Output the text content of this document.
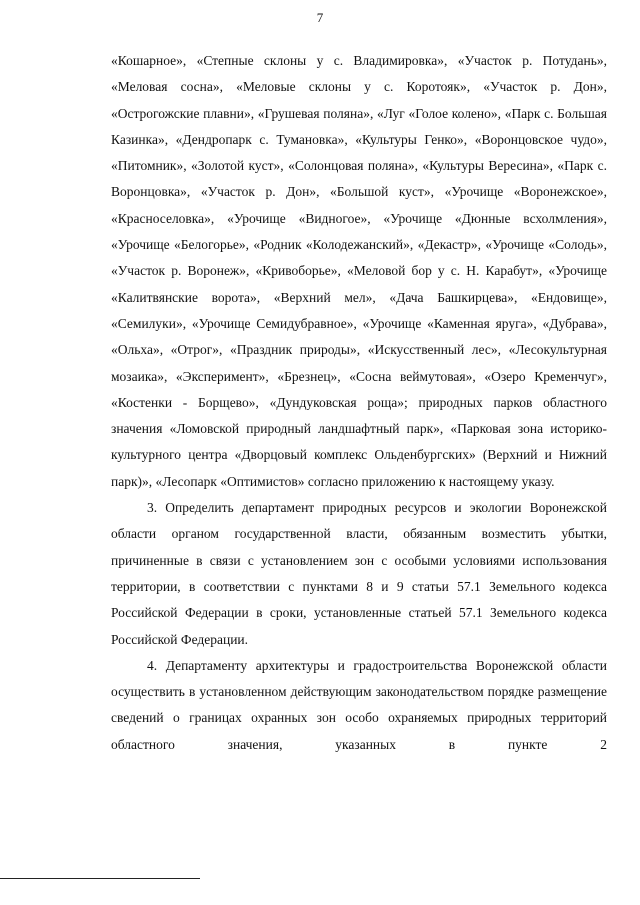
7

«Кошарное», «Степные склоны у с. Владимировка», «Участок р. Потудань», «Меловая сосна», «Меловые склоны у с. Коротояк», «Участок р. Дон», «Острогожские плавни», «Грушевая поляна», «Луг «Голое колено», «Парк с. Большая Казинка», «Дендропарк с. Тумановка», «Культуры Генко», «Воронцовское чудо», «Питомник», «Золотой куст», «Солонцовая поляна», «Культуры Вересина», «Парк с. Воронцовка», «Участок р. Дон», «Большой куст», «Урочище «Воронежское», «Красноселовка», «Урочище «Видногое», «Урочище «Дюнные всхолмления», «Урочище «Белогорье», «Родник «Колодежанский», «Декастр», «Урочище «Солодь», «Участок р. Воронеж», «Кривоборье», «Меловой бор у с. Н. Карабут», «Урочище «Калитвянские ворота», «Верхний мел», «Дача Башкирцева», «Ендовище», «Семилуки», «Урочище Семидубравное», «Урочище «Каменная яруга», «Дубрава», «Ольха», «Отрог», «Праздник природы», «Искусственный лес», «Лесокультурная мозаика», «Эксперимент», «Брезнец», «Сосна веймутовая», «Озеро Кременчуг», «Костенки - Борщево», «Дундуковская роща»; природных парков областного значения «Ломовской природный ландшафтный парк», «Парковая зона историко-культурного центра «Дворцовый комплекс Ольденбургских» (Верхний и Нижний парк)», «Лесопарк «Оптимистов» согласно приложению к настоящему указу.

3. Определить департамент природных ресурсов и экологии Воронежской области органом государственной власти, обязанным возместить убытки, причиненные в связи с установлением зон с особыми условиями использования территории, в соответствии с пунктами 8 и 9 статьи 57.1 Земельного кодекса Российской Федерации в сроки, установленные статьей 57.1 Земельного кодекса Российской Федерации.

4. Департаменту архитектуры и градостроительства Воронежской области осуществить в установленном действующим законодательством порядке размещение сведений о границах охранных зон особо охраняемых природных территорий областного значения, указанных в пункте 2
